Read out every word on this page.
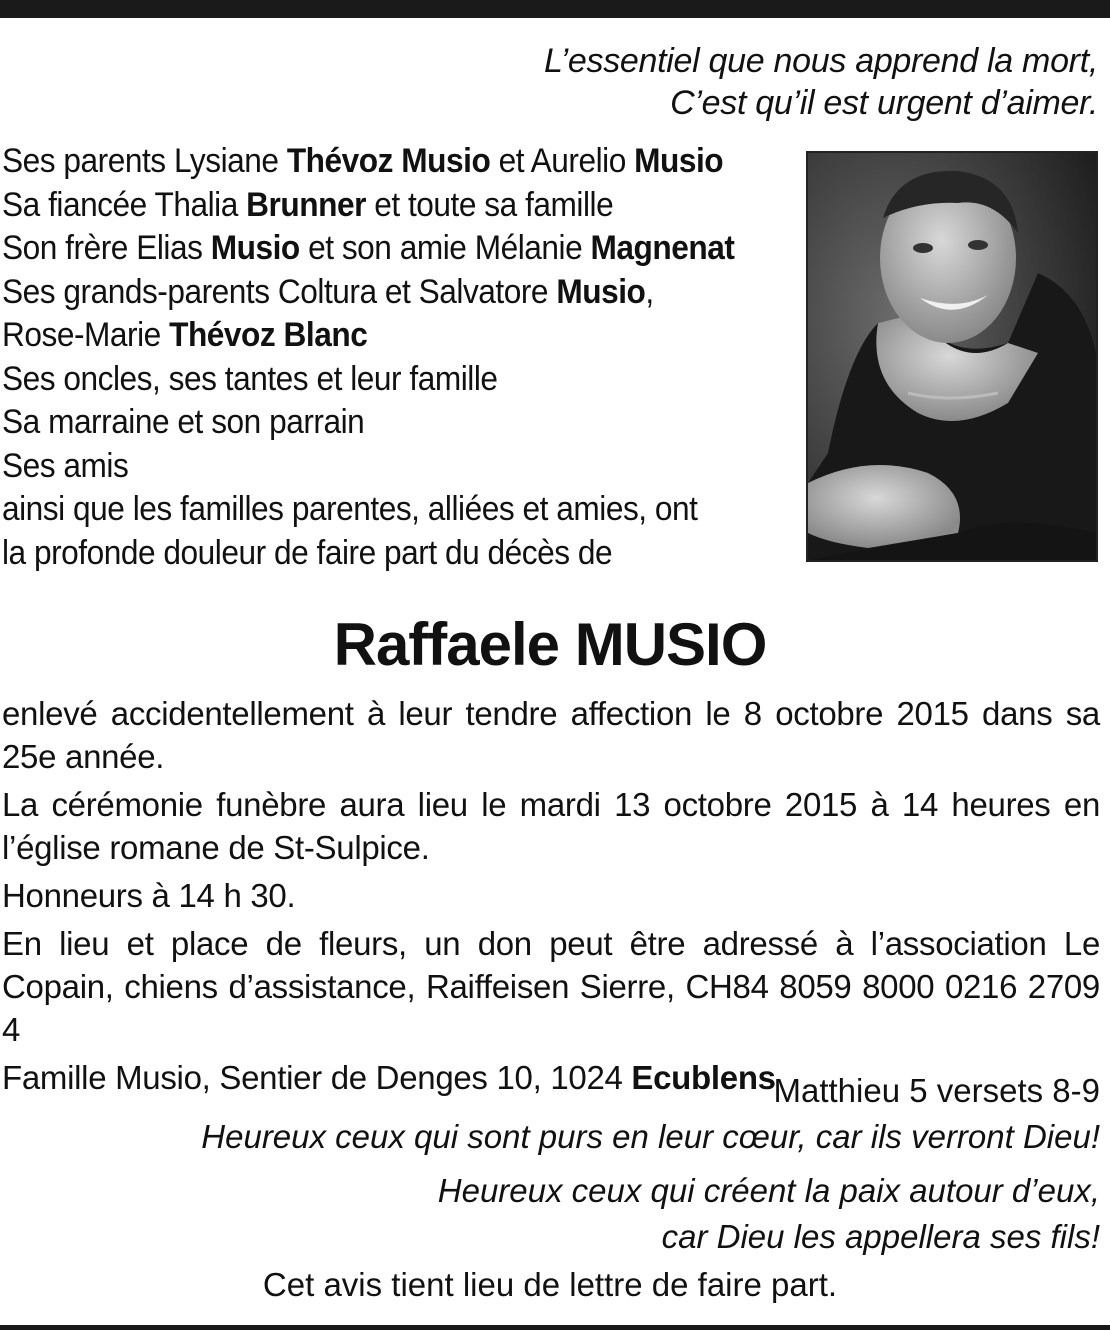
L’essentiel que nous apprend la mort,
C’est qu’il est urgent d’aimer.
Ses parents Lysiane Thévoz Musio et Aurelio Musio
Sa fiancée Thalia Brunner et toute sa famille
Son frère Elias Musio et son amie Mélanie Magnenat
Ses grands-parents Coltura et Salvatore Musio,
Rose-Marie Thévoz Blanc
Ses oncles, ses tantes et leur famille
Sa marraine et son parrain
Ses amis
ainsi que les familles parentes, alliées et amies, ont
la profonde douleur de faire part du décès de
Raffaele MUSIO

enlevé accidentellement à leur tendre affection le 8 octobre 2015 dans sa 25e année.

La cérémonie funèbre aura lieu le mardi 13 octobre 2015 à 14 heures en l’église romane de St-Sulpice.

Honneurs à 14 h 30.

En lieu et place de fleurs, un don peut être adressé à l’association Le Copain, chiens d’assistance, Raiffeisen Sierre, CH84 8059 8000 0216 2709 4

Famille Musio, Sentier de Denges 10, 1024 Ecublens

Matthieu 5 versets 8-9
Heureux ceux qui sont purs en leur cœur, car ils verront Dieu!
Heureux ceux qui créent la paix autour d’eux,
car Dieu les appellera ses fils!
Cet avis tient lieu de lettre de faire part.
